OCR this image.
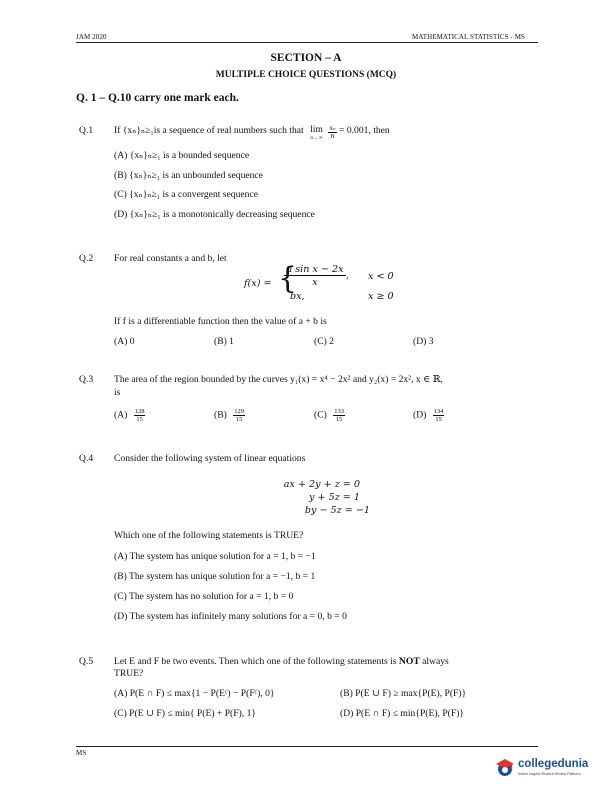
JAM 2020	MATHEMATICAL STATISTICS - MS
SECTION – A
MULTIPLE CHOICE QUESTIONS (MCQ)
Q. 1 – Q.10 carry one mark each.
Q.1 If {xₙ}ₙ≥₁is a sequence of real numbers such that lim
n→∞
$\frac{\text{xₙ}}{n} = 0.001$, then
(A) {xₙ}ₙ≥₁ is a bounded sequence
(B) {xₙ}ₙ≥₁ is an unbounded sequence
(C) {xₙ}ₙ≥₁ is a convergent sequence
(D) {xₙ}ₙ≥₁ is a monotonically decreasing sequence
Q.2 For real constants a and b, let
f(x) = {
a sin x − 2x
x
, x < 0
bx,	x ≥ 0
If f is a differentiable function then the value of a + b is
(A) 0	(B) 1	(C) 2	(D) 3
Q.3 The area of the region bounded by the curves y₁(x) = x⁴ − 2x² and y₂(x) = 2x², x ∈ ℝ,
is
$(A) \frac{128}{15}$	$(B) \frac{129}{15}$	$(C) \frac{133}{15}$	$(D) \frac{134}{15}$
Q.4 Consider the following system of linear equations
ax + 2y + z = 0
y + 5z = 1
by − 5z = −1
Which one of the following statements is TRUE?
(A) The system has unique solution for a = 1, b = −1
(B) The system has unique solution for a = −1, b = 1
(C) The system has no solution for a = 1, b = 0
(D) The system has infinitely many solutions for a = 0, b = 0
Q.5 Let E and F be two events. Then which one of the following statements is NOT always
TRUE?
(A) P(E ∩ F) ≤ max{1 − P(Eᶜ) − P(Fᶜ), 0}	(B) P(E ∪ F) ≥ max{P(E), P(F)}
(C) P(E ∪ F) ≤ min{ P(E) + P(F), 1}	(D) P(E ∩ F) ≤ min{P(E), P(F)}
MS
collegedunia
India's largest Student Review Platform
